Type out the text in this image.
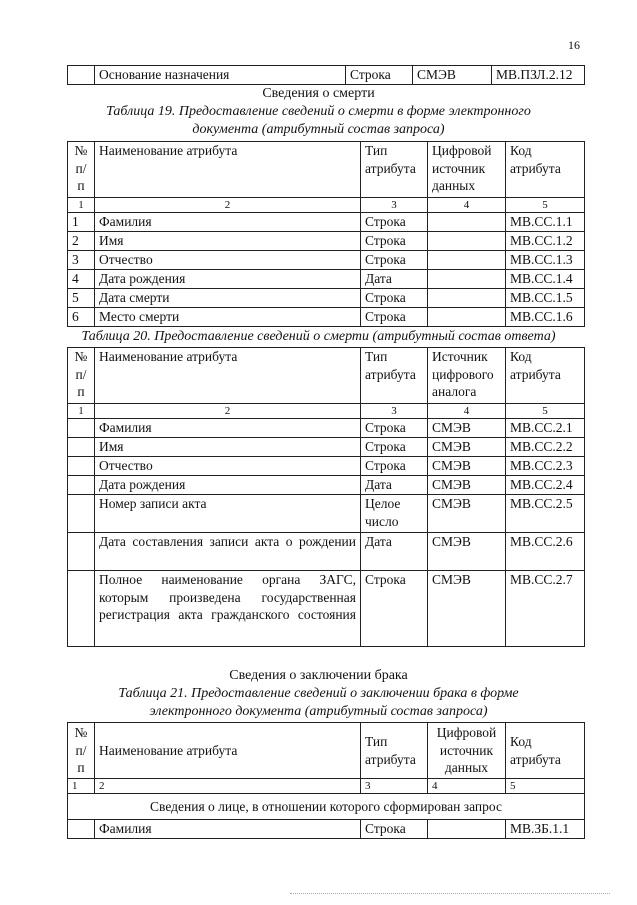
16
	Основание назначения	Строка	СМЭВ	МВ.ПЗЛ.2.12
Сведения о смерти
Таблица 19. Предоставление сведений о смерти в форме электронного
документа (атрибутный состав запроса)
№ п/п	Наименование атрибута	Тип атрибута	Цифровой источник данных	Код атрибута
1	2	3	4	5
1	Фамилия	Строка		МВ.СС.1.1
2	Имя	Строка		МВ.СС.1.2
3	Отчество	Строка		МВ.СС.1.3
4	Дата рождения	Дата		МВ.СС.1.4
5	Дата смерти	Строка		МВ.СС.1.5
6	Место смерти	Строка		МВ.СС.1.6
Таблица 20. Предоставление сведений о смерти (атрибутный состав ответа)
№ п/п	Наименование атрибута	Тип атрибута	Источник цифрового аналога	Код атрибута
1	2	3	4	5
	Фамилия	Строка	СМЭВ	МВ.СС.2.1
	Имя	Строка	СМЭВ	МВ.СС.2.2
	Отчество	Строка	СМЭВ	МВ.СС.2.3
	Дата рождения	Дата	СМЭВ	МВ.СС.2.4
	Номер записи акта	Целое число	СМЭВ	МВ.СС.2.5
	Дата составления записи акта о рождении	Дата	СМЭВ	МВ.СС.2.6
	Полное наименование органа ЗАГС, которым произведена государственная регистрация акта гражданского состояния	Строка	СМЭВ	МВ.СС.2.7
Сведения о заключении брака
Таблица 21. Предоставление сведений о заключении брака в форме
электронного документа (атрибутный состав запроса)
№ п/п	Наименование атрибута	Тип атрибута	Цифровой источник данных	Код атрибута
1	2	3	4	5
Сведения о лице, в отношении которого сформирован запрос				
	Фамилия	Строка		МВ.ЗБ.1.1
